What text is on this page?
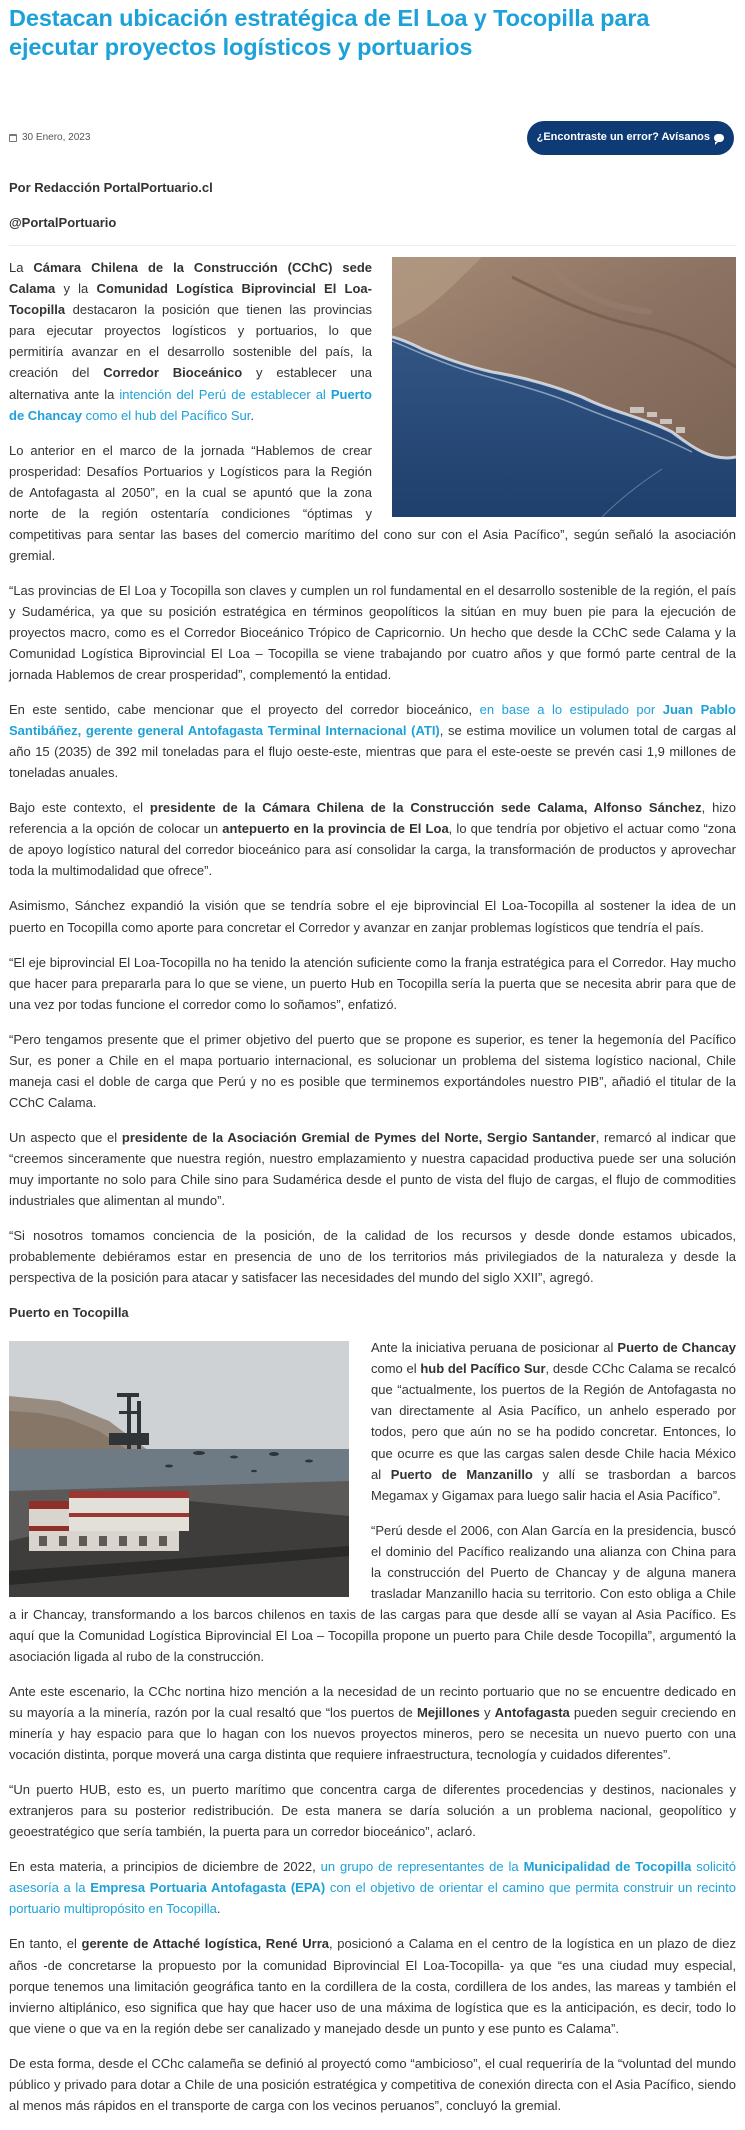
Destacan ubicación estratégica de El Loa y Tocopilla para ejecutar proyectos logísticos y portuarios
30 Enero, 2023	¿Encontraste un error? Avísanos
Por Redacción PortalPortuario.cl
@PortalPortuario

La Cámara Chilena de la Construcción (CChC) sede Calama y la Comunidad Logística Biprovincial El Loa-Tocopilla destacaron la posición que tienen las provincias para ejecutar proyectos logísticos y portuarios, lo que permitiría avanzar en el desarrollo sostenible del país, la creación del Corredor Bioceánico y establecer una alternativa ante la intención del Perú de establecer al Puerto de Chancay como el hub del Pacífico Sur.

Lo anterior en el marco de la jornada “Hablemos de crear prosperidad: Desafíos Portuarios y Logísticos para la Región de Antofagasta al 2050”, en la cual se apuntó que la zona norte de la región ostentaría condiciones “óptimas y competitivas para sentar las bases del comercio marítimo del cono sur con el Asia Pacífico”, según señaló la asociación gremial.

“Las provincias de El Loa y Tocopilla son claves y cumplen un rol fundamental en el desarrollo sostenible de la región, el país y Sudamérica, ya que su posición estratégica en términos geopolíticos la sitúan en muy buen pie para la ejecución de proyectos macro, como es el Corredor Bioceánico Trópico de Capricornio. Un hecho que desde la CChC sede Calama y la Comunidad Logística Biprovincial El Loa – Tocopilla se viene trabajando por cuatro años y que formó parte central de la jornada Hablemos de crear prosperidad”, complementó la entidad.

En este sentido, cabe mencionar que el proyecto del corredor bioceánico, en base a lo estipulado por Juan Pablo Santibáñez, gerente general Antofagasta Terminal Internacional (ATI), se estima movilice un volumen total de cargas al año 15 (2035) de 392 mil toneladas para el flujo oeste-este, mientras que para el este-oeste se prevén casi 1,9 millones de toneladas anuales.

Bajo este contexto, el presidente de la Cámara Chilena de la Construcción sede Calama, Alfonso Sánchez, hizo referencia a la opción de colocar un antepuerto en la provincia de El Loa, lo que tendría por objetivo el actuar como “zona de apoyo logístico natural del corredor bioceánico para así consolidar la carga, la transformación de productos y aprovechar toda la multimodalidad que ofrece”.

Asimismo, Sánchez expandió la visión que se tendría sobre el eje biprovincial El Loa-Tocopilla al sostener la idea de un puerto en Tocopilla como aporte para concretar el Corredor y avanzar en zanjar problemas logísticos que tendría el país.

“El eje biprovincial El Loa-Tocopilla no ha tenido la atención suficiente como la franja estratégica para el Corredor. Hay mucho que hacer para prepararla para lo que se viene, un puerto Hub en Tocopilla sería la puerta que se necesita abrir para que de una vez por todas funcione el corredor como lo soñamos”, enfatizó.

“Pero tengamos presente que el primer objetivo del puerto que se propone es superior, es tener la hegemonía del Pacífico Sur, es poner a Chile en el mapa portuario internacional, es solucionar un problema del sistema logístico nacional, Chile maneja casi el doble de carga que Perú y no es posible que terminemos exportándoles nuestro PIB”, añadió el titular de la CChC Calama.

Un aspecto que el presidente de la Asociación Gremial de Pymes del Norte, Sergio Santander, remarcó al indicar que “creemos sinceramente que nuestra región, nuestro emplazamiento y nuestra capacidad productiva puede ser una solución muy importante no solo para Chile sino para Sudamérica desde el punto de vista del flujo de cargas, el flujo de commodities industriales que alimentan al mundo”.

“Si nosotros tomamos conciencia de la posición, de la calidad de los recursos y desde donde estamos ubicados, probablemente debiéramos estar en presencia de uno de los territorios más privilegiados de la naturaleza y desde la perspectiva de la posición para atacar y satisfacer las necesidades del mundo del siglo XXII”, agregó.

Puerto en Tocopilla

Ante la iniciativa peruana de posicionar al Puerto de Chancay como el hub del Pacífico Sur, desde CChc Calama se recalcó que “actualmente, los puertos de la Región de Antofagasta no van directamente al Asia Pacífico, un anhelo esperado por todos, pero que aún no se ha podido concretar. Entonces, lo que ocurre es que las cargas salen desde Chile hacia México al Puerto de Manzanillo y allí se trasbordan a barcos Megamax y Gigamax para luego salir hacia el Asia Pacífico”.

“Perú desde el 2006, con Alan García en la presidencia, buscó el dominio del Pacífico realizando una alianza con China para la construcción del Puerto de Chancay y de alguna manera trasladar Manzanillo hacia su territorio. Con esto obliga a Chile a ir Chancay, transformando a los barcos chilenos en taxis de las cargas para que desde allí se vayan al Asia Pacífico. Es aquí que la Comunidad Logística Biprovincial El Loa – Tocopilla propone un puerto para Chile desde Tocopilla”, argumentó la asociación ligada al rubo de la construcción.

Ante este escenario, la CChc nortina hizo mención a la necesidad de un recinto portuario que no se encuentre dedicado en su mayoría a la minería, razón por la cual resaltó que “los puertos de Mejillones y Antofagasta pueden seguir creciendo en minería y hay espacio para que lo hagan con los nuevos proyectos mineros, pero se necesita un nuevo puerto con una vocación distinta, porque moverá una carga distinta que requiere infraestructura, tecnología y cuidados diferentes”.

“Un puerto HUB, esto es, un puerto marítimo que concentra carga de diferentes procedencias y destinos, nacionales y extranjeros para su posterior redistribución. De esta manera se daría solución a un problema nacional, geopolítico y geoestratégico que sería también, la puerta para un corredor bioceánico”, aclaró.

En esta materia, a principios de diciembre de 2022, un grupo de representantes de la Municipalidad de Tocopilla solicitó asesoría a la Empresa Portuaria Antofagasta (EPA) con el objetivo de orientar el camino que permita construir un recinto portuario multipropósito en Tocopilla.

En tanto, el gerente de Attaché logística, René Urra, posicionó a Calama en el centro de la logística en un plazo de diez años -de concretarse la propuesto por la comunidad Biprovincial El Loa-Tocopilla- ya que “es una ciudad muy especial, porque tenemos una limitación geográfica tanto en la cordillera de la costa, cordillera de los andes, las mareas y también el invierno altiplánico, eso significa que hay que hacer uso de una máxima de logística que es la anticipación, es decir, todo lo que viene o que va en la región debe ser canalizado y manejado desde un punto y ese punto es Calama”.

De esta forma, desde el CChc calameña se definió al proyectó como “ambicioso”, el cual requeriría de la “voluntad del mundo público y privado para dotar a Chile de una posición estratégica y competitiva de conexión directa con el Asia Pacífico, siendo al menos más rápidos en el transporte de carga con los vecinos peruanos”, concluyó la gremial.
